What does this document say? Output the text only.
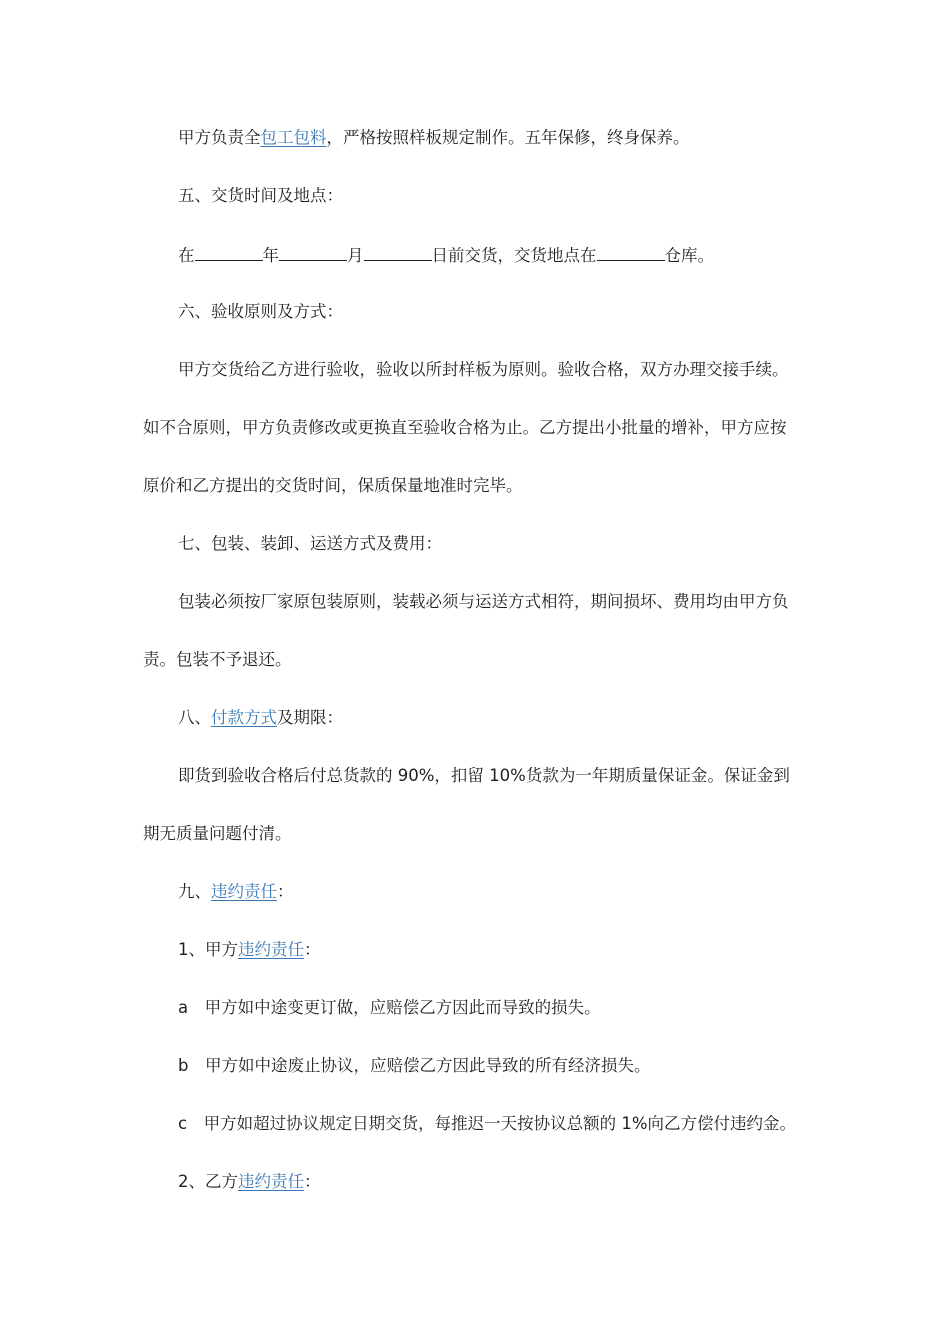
甲方负责全包工包料，严格按照样板规定制作。五年保修，终身保养。
五、交货时间及地点：
在	年	月	日前交货，交货地点在	仓库。
六、验收原则及方式：
甲方交货给乙方进行验收，验收以所封样板为原则。验收合格，双方办理交接手续。
如不合原则，甲方负责修改或更换直至验收合格为止。乙方提出小批量的增补，甲方应按
原价和乙方提出的交货时间，保质保量地准时完毕。
七、包装、装卸、运送方式及费用：
包装必须按厂家原包装原则，装载必须与运送方式相符，期间损坏、费用均由甲方负
责。包装不予退还。
八、付款方式及期限：
即货到验收合格后付总货款的 90%，扣留 10%货款为一年期质量保证金。保证金到
期无质量问题付清。
九、违约责任：
1、甲方违约责任：
a　甲方如中途变更订做，应赔偿乙方因此而导致的损失。
b　甲方如中途废止协议，应赔偿乙方因此导致的所有经济损失。
c　甲方如超过协议规定日期交货，每推迟一天按协议总额的 1%向乙方偿付违约金。
2、乙方违约责任：
